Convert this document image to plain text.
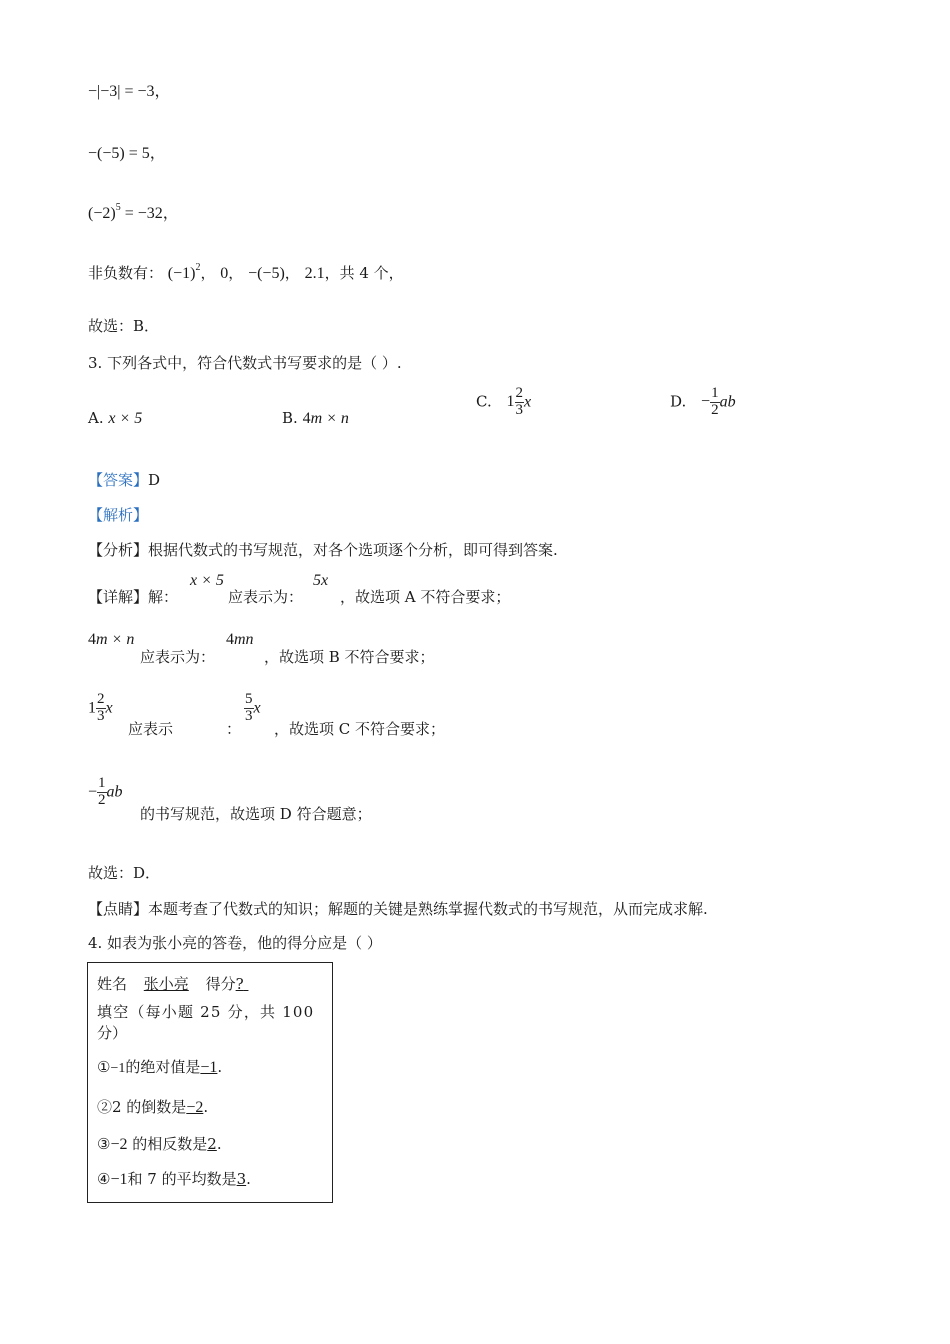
−|−3| = −3，
−(−5) = 5，
$(-2)^5 = -32$，
非负数有： $(-1)^2$， 0， −(−5)， 2.1，共 4 个，
故选：B．
3. 下列各式中，符合代数式书写要求的是（ ）.
A. x × 5	B. 4m × n
C. $1 \frac{2}{3}$ x	D. − $\frac{1}{2}$ ab
【答案】D
【解析】
【分析】根据代数式的书写规范，对各个选项逐个分析，即可得到答案.
【详解】解：
x × 5
应表示为：
5x
，故选项 A 不符合要求；
4m × n
应表示为：
4mn
，故选项 B 不符合要求；
$1 \frac{2}{3}$ x
应表示	：
$\frac{5}{3}$ x
，故选项 C 不符合要求；
− $\frac{1}{2}$ ab
的书写规范，故选项 D 符合题意；
故选：D．
【点睛】本题考查了代数式的知识；解题的关键是熟练掌握代数式的书写规范，从而完成求解.
4. 如表为张小亮的答卷，他的得分应是（ ）
姓名 张小亮 得分?
填空（每小题 25 分，共 100
分）
①−1的绝对值是−1.
②2 的倒数是−2.
③−2 的相反数是2.
④−1和 7 的平均数是3.
